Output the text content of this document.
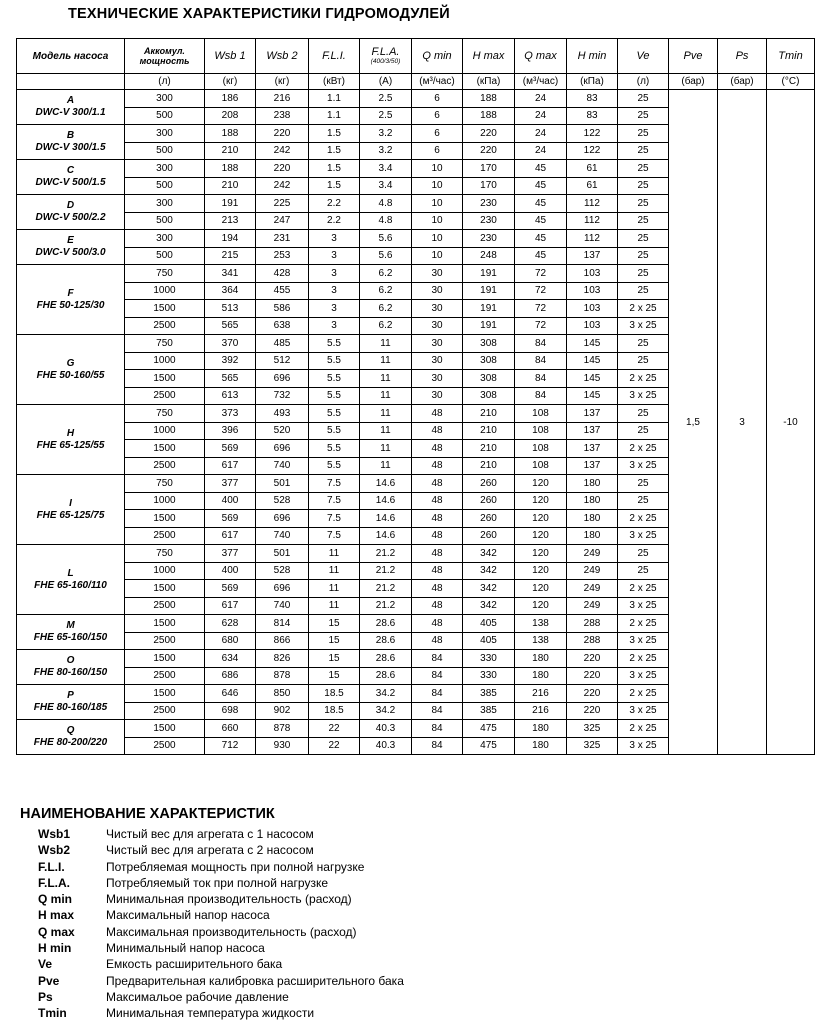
ТЕХНИЧЕСКИЕ ХАРАКТЕРИСТИКИ ГИДРОМОДУЛЕЙ
Модель насоса	Аккомул. мощность	Wsb 1	Wsb 2	F.L.I.	F.L.A.
(400/3/50)	Q min	H max	Q max	H min	Ve	Pve	Ps	Tmin
	(л)	(кг)	(кг)	(кВт)	(А)	(м³/час)	(кПа)	(м³/час)	(кПа)	(л)	(бар)	(бар)	(°С)

A
DWC-V 300/1.1	300	186	216	1.1	2.5	6	188	24	83	25	1,5	3	-10
	500	208	238	1.1	2.5	6	188	24	83	25			

B
DWC-V 300/1.5	300	188	220	1.5	3.2	6	220	24	122	25			
	500	210	242	1.5	3.2	6	220	24	122	25			

C
DWC-V 500/1.5	300	188	220	1.5	3.4	10	170	45	61	25			
	500	210	242	1.5	3.4	10	170	45	61	25			

D
DWC-V 500/2.2	300	191	225	2.2	4.8	10	230	45	112	25			
	500	213	247	2.2	4.8	10	230	45	112	25			

E
DWC-V 500/3.0	300	194	231	3	5.6	10	230	45	112	25			
	500	215	253	3	5.6	10	248	45	137	25			

F
FHE 50-125/30	750	341	428	3	6.2	30	191	72	103	25			
	1000	364	455	3	6.2	30	191	72	103	25			
	1500	513	586	3	6.2	30	191	72	103	2 x 25			
	2500	565	638	3	6.2	30	191	72	103	3 x 25			

G
FHE 50-160/55	750	370	485	5.5	11	30	308	84	145	25			
	1000	392	512	5.5	11	30	308	84	145	25			
	1500	565	696	5.5	11	30	308	84	145	2 x 25			
	2500	613	732	5.5	11	30	308	84	145	3 x 25			

H
FHE 65-125/55	750	373	493	5.5	11	48	210	108	137	25			
	1000	396	520	5.5	11	48	210	108	137	25			
	1500	569	696	5.5	11	48	210	108	137	2 x 25			
	2500	617	740	5.5	11	48	210	108	137	3 x 25			

I
FHE 65-125/75	750	377	501	7.5	14.6	48	260	120	180	25			
	1000	400	528	7.5	14.6	48	260	120	180	25			
	1500	569	696	7.5	14.6	48	260	120	180	2 x 25			
	2500	617	740	7.5	14.6	48	260	120	180	3 x 25			

L
FHE 65-160/110	750	377	501	11	21.2	48	342	120	249	25			
	1000	400	528	11	21.2	48	342	120	249	25			
	1500	569	696	11	21.2	48	342	120	249	2 x 25			
	2500	617	740	11	21.2	48	342	120	249	3 x 25			

M
FHE 65-160/150	1500	628	814	15	28.6	48	405	138	288	2 x 25			
	2500	680	866	15	28.6	48	405	138	288	3 x 25			

O
FHE 80-160/150	1500	634	826	15	28.6	84	330	180	220	2 x 25			
	2500	686	878	15	28.6	84	330	180	220	3 x 25			

P
FHE 80-160/185	1500	646	850	18.5	34.2	84	385	216	220	2 x 25			
	2500	698	902	18.5	34.2	84	385	216	220	3 x 25			

Q
FHE 80-200/220	1500	660	878	22	40.3	84	475	180	325	2 x 25			
	2500	712	930	22	40.3	84	475	180	325	3 x 25			
НАИМЕНОВАНИЕ ХАРАКТЕРИСТИК
Wsb1	Чистый вес для агрегата с 1 насосом
Wsb2	Чистый вес для агрегата с 2 насосом
F.L.I.	Потребляемая мощность при полной нагрузке
F.L.A.	Потребляемый ток при полной нагрузке
Q min	Минимальная производительность (расход)
H max	Максимальный напор насоса
Q max	Максимальная производительность (расход)
H min	Минимальный напор насоса
Ve	Емкость расширительного бака
Pve	Предварительная калибровка расширительного бака
Ps	Максимальое рабочие давление
Tmin	Минимальная температура жидкости
